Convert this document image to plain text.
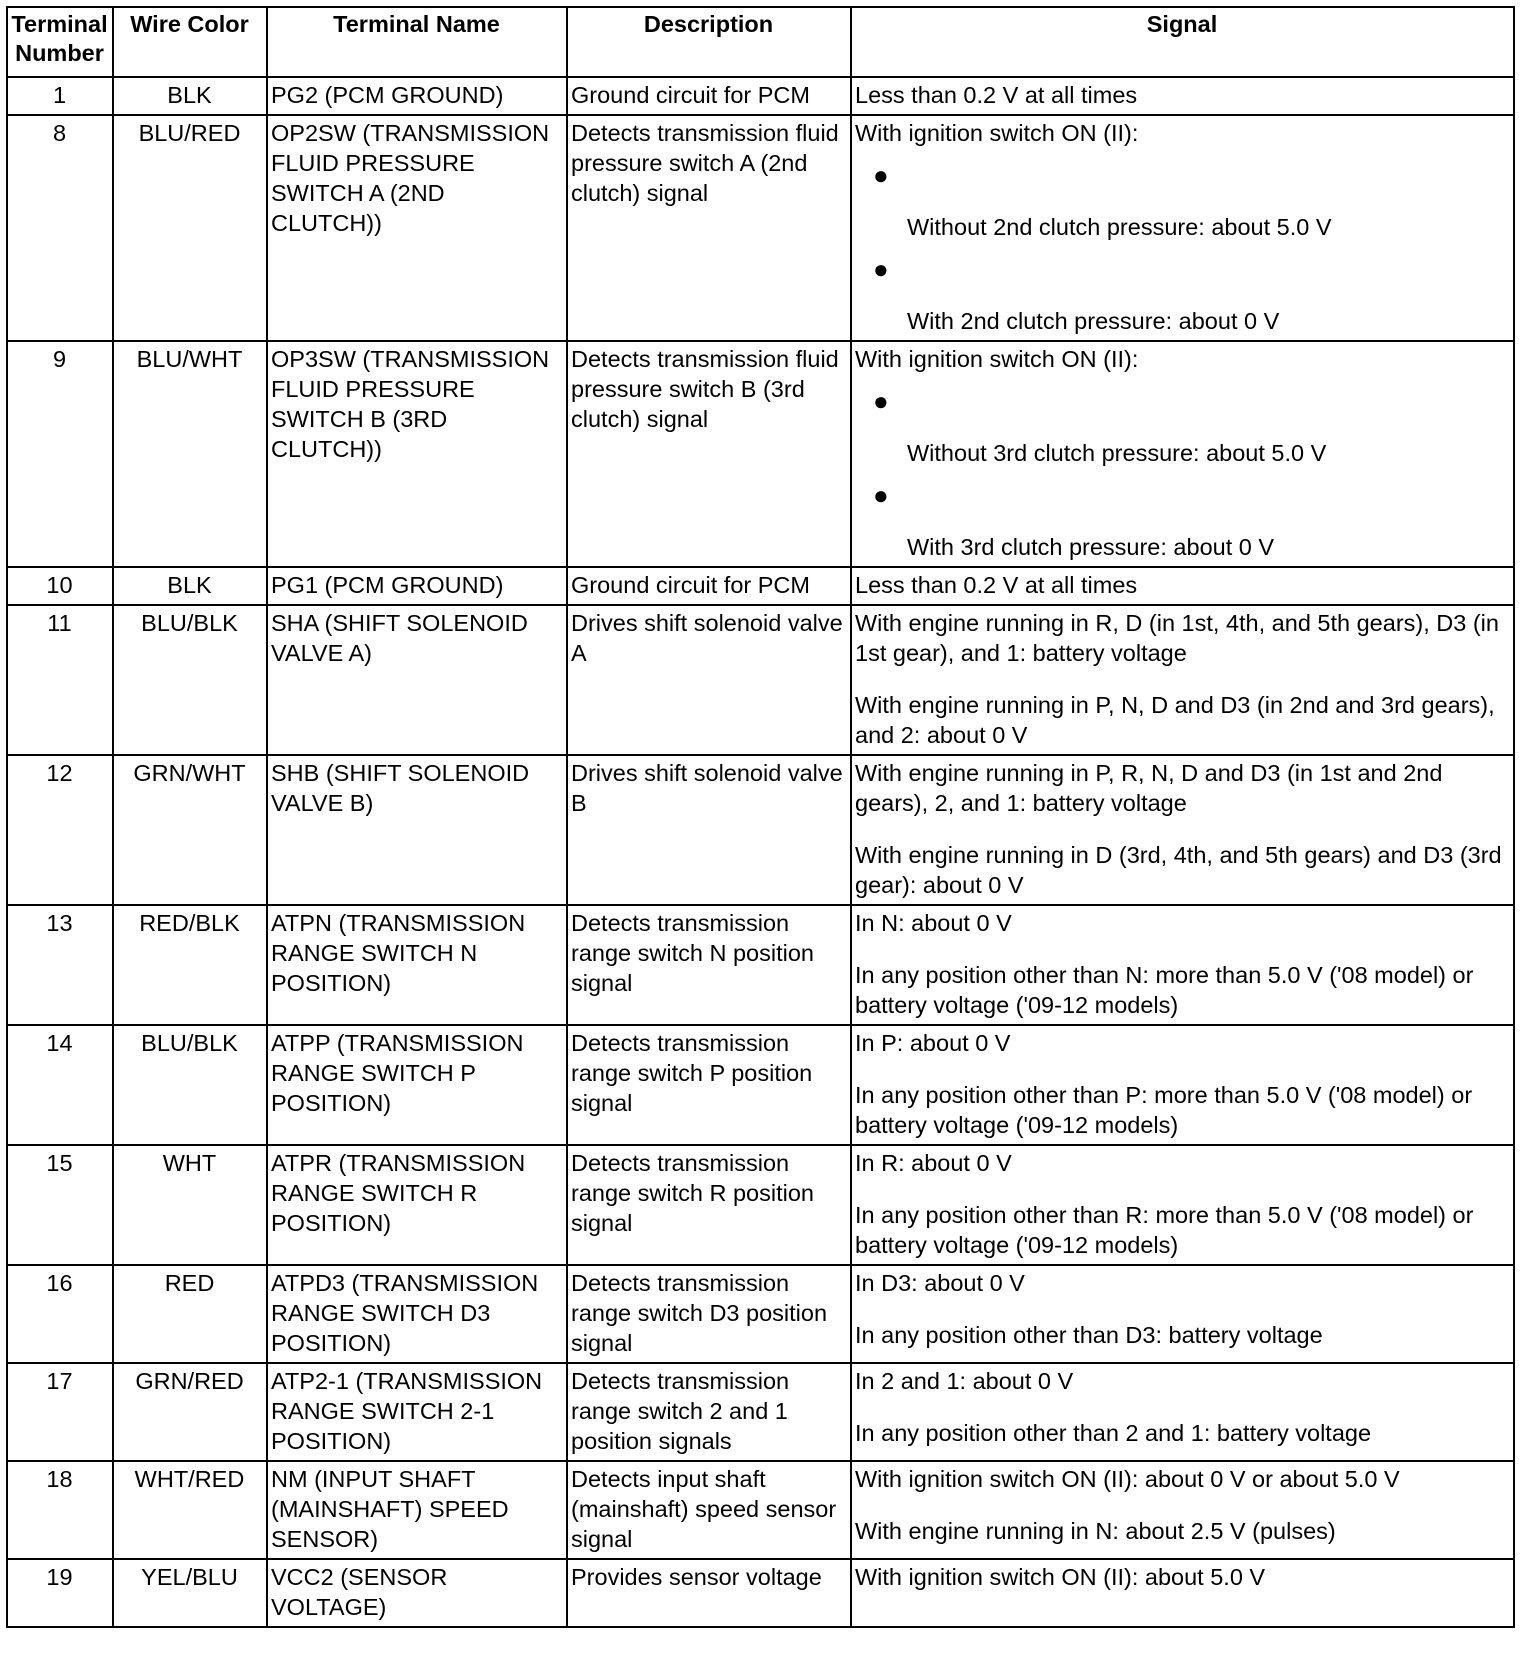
Terminal Number	Wire Color	Terminal Name	Description	Signal
1	BLK	PG2 (PCM GROUND)	Ground circuit for PCM	Less than 0.2 V at all times

8	BLU/RED	OP2SW (TRANSMISSION FLUID PRESSURE SWITCH A (2ND CLUTCH))	Detects transmission fluid pressure switch A (2nd clutch) signal	With ignition switch ON (II):
●
Without 2nd clutch pressure: about 5.0 V
●
With 2nd clutch pressure: about 0 V

9	BLU/WHT	OP3SW (TRANSMISSION FLUID PRESSURE SWITCH B (3RD CLUTCH))	Detects transmission fluid pressure switch B (3rd clutch) signal	With ignition switch ON (II):
●
Without 3rd clutch pressure: about 5.0 V
●
With 3rd clutch pressure: about 0 V

10	BLK	PG1 (PCM GROUND)	Ground circuit for PCM	Less than 0.2 V at all times

11	BLU/BLK	SHA (SHIFT SOLENOID VALVE A)	Drives shift solenoid valve A	With engine running in R, D (in 1st, 4th, and 5th gears), D3 (in 1st gear), and 1: battery voltage
With engine running in P, N, D and D3 (in 2nd and 3rd gears), and 2: about 0 V

12	GRN/WHT	SHB (SHIFT SOLENOID VALVE B)	Drives shift solenoid valve B	With engine running in P, R, N, D and D3 (in 1st and 2nd gears), 2, and 1: battery voltage
With engine running in D (3rd, 4th, and 5th gears) and D3 (3rd gear): about 0 V

13	RED/BLK	ATPN (TRANSMISSION RANGE SWITCH N POSITION)	Detects transmission range switch N position signal	In N: about 0 V
In any position other than N: more than 5.0 V ('08 model) or battery voltage ('09-12 models)

14	BLU/BLK	ATPP (TRANSMISSION RANGE SWITCH P POSITION)	Detects transmission range switch P position signal	In P: about 0 V
In any position other than P: more than 5.0 V ('08 model) or battery voltage ('09-12 models)

15	WHT	ATPR (TRANSMISSION RANGE SWITCH R POSITION)	Detects transmission range switch R position signal	In R: about 0 V
In any position other than R: more than 5.0 V ('08 model) or battery voltage ('09-12 models)

16	RED	ATPD3 (TRANSMISSION RANGE SWITCH D3 POSITION)	Detects transmission range switch D3 position signal	In D3: about 0 V
In any position other than D3: battery voltage

17	GRN/RED	ATP2-1 (TRANSMISSION RANGE SWITCH 2-1 POSITION)	Detects transmission range switch 2 and 1 position signals	In 2 and 1: about 0 V
In any position other than 2 and 1: battery voltage

18	WHT/RED	NM (INPUT SHAFT (MAINSHAFT) SPEED SENSOR)	Detects input shaft (mainshaft) speed sensor signal	With ignition switch ON (II): about 0 V or about 5.0 V
With engine running in N: about 2.5 V (pulses)

19	YEL/BLU	VCC2 (SENSOR VOLTAGE)	Provides sensor voltage	With ignition switch ON (II): about 5.0 V
